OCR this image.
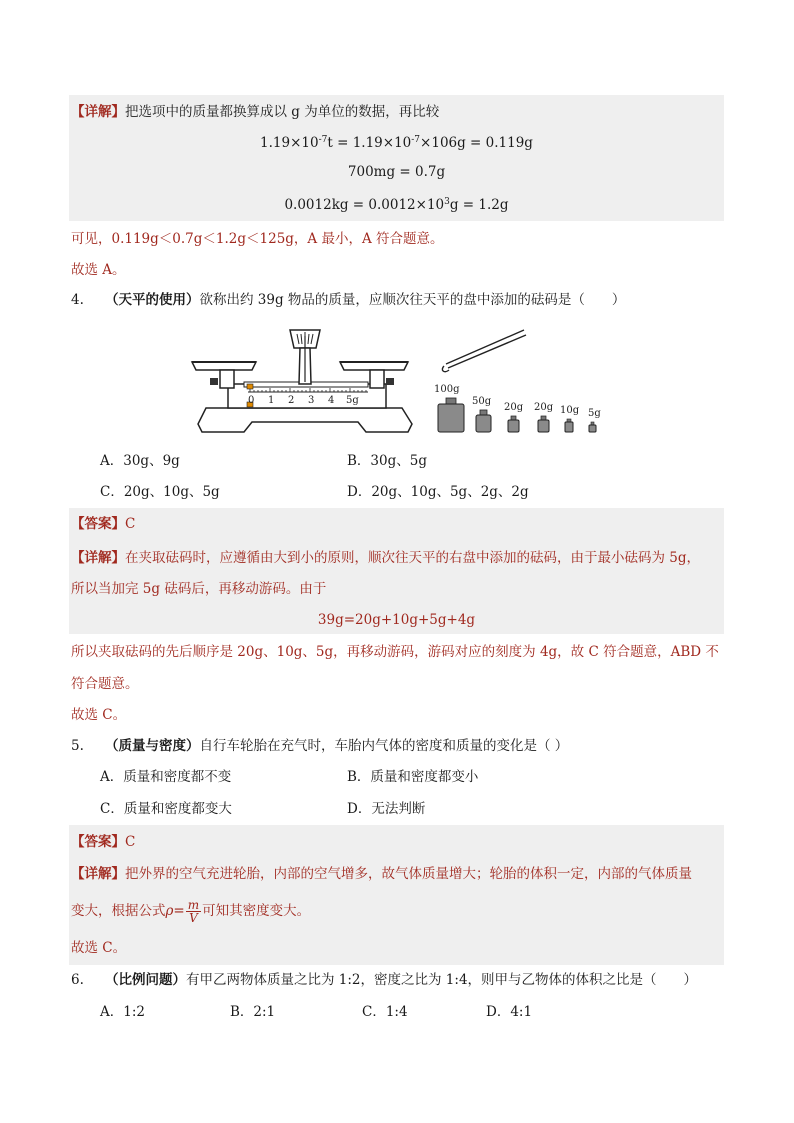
【详解】把选项中的质量都换算成以 g 为单位的数据，再比较
$1.19\times 10^{-7}t = 1.19\times 10^{-7}\times 106g = 0.119g$
700mg = 0.7g
$0.0012kg = 0.0012\times 10^3g = 1.2g$
可见，0.119g＜0.7g＜1.2g＜125g，A 最小，A 符合题意。
故选 A。
4. （天平的使用）欲称出约 39g 物品的质量，应顺次往天平的盘中添加的砝码是（　　）
0 1 2 3 4 5g
100g
50g
20g 20g 10g 5g
A．30g、9g	B．30g、5g
C．20g、10g、5g	D．20g、10g、5g、2g、2g
【答案】C
【详解】在夹取砝码时，应遵循由大到小的原则，顺次往天平的右盘中添加的砝码，由于最小砝码为 5g，
所以当加完 5g 砝码后，再移动游码。由于
39g=20g+10g+5g+4g
所以夹取砝码的先后顺序是 20g、10g、5g，再移动游码，游码对应的刻度为 4g，故 C 符合题意，ABD 不
符合题意。
故选 C。
5. （质量与密度）自行车轮胎在充气时，车胎内气体的密度和质量的变化是（ ）
A．质量和密度都不变	B．质量和密度都变小
C．质量和密度都变大	D．无法判断
【答案】C
【详解】把外界的空气充进轮胎，内部的空气增多，故气体质量增大；轮胎的体积一定，内部的气体质量
变大，根据公式$\rho= \frac{m}{V}$ 可知其密度变大。
故选 C。
6. （比例问题）有甲乙两物体质量之比为 1:2，密度之比为 1:4，则甲与乙物体的体积之比是（　　）
A．1:2	B．2:1	C．1:4	D．4:1
